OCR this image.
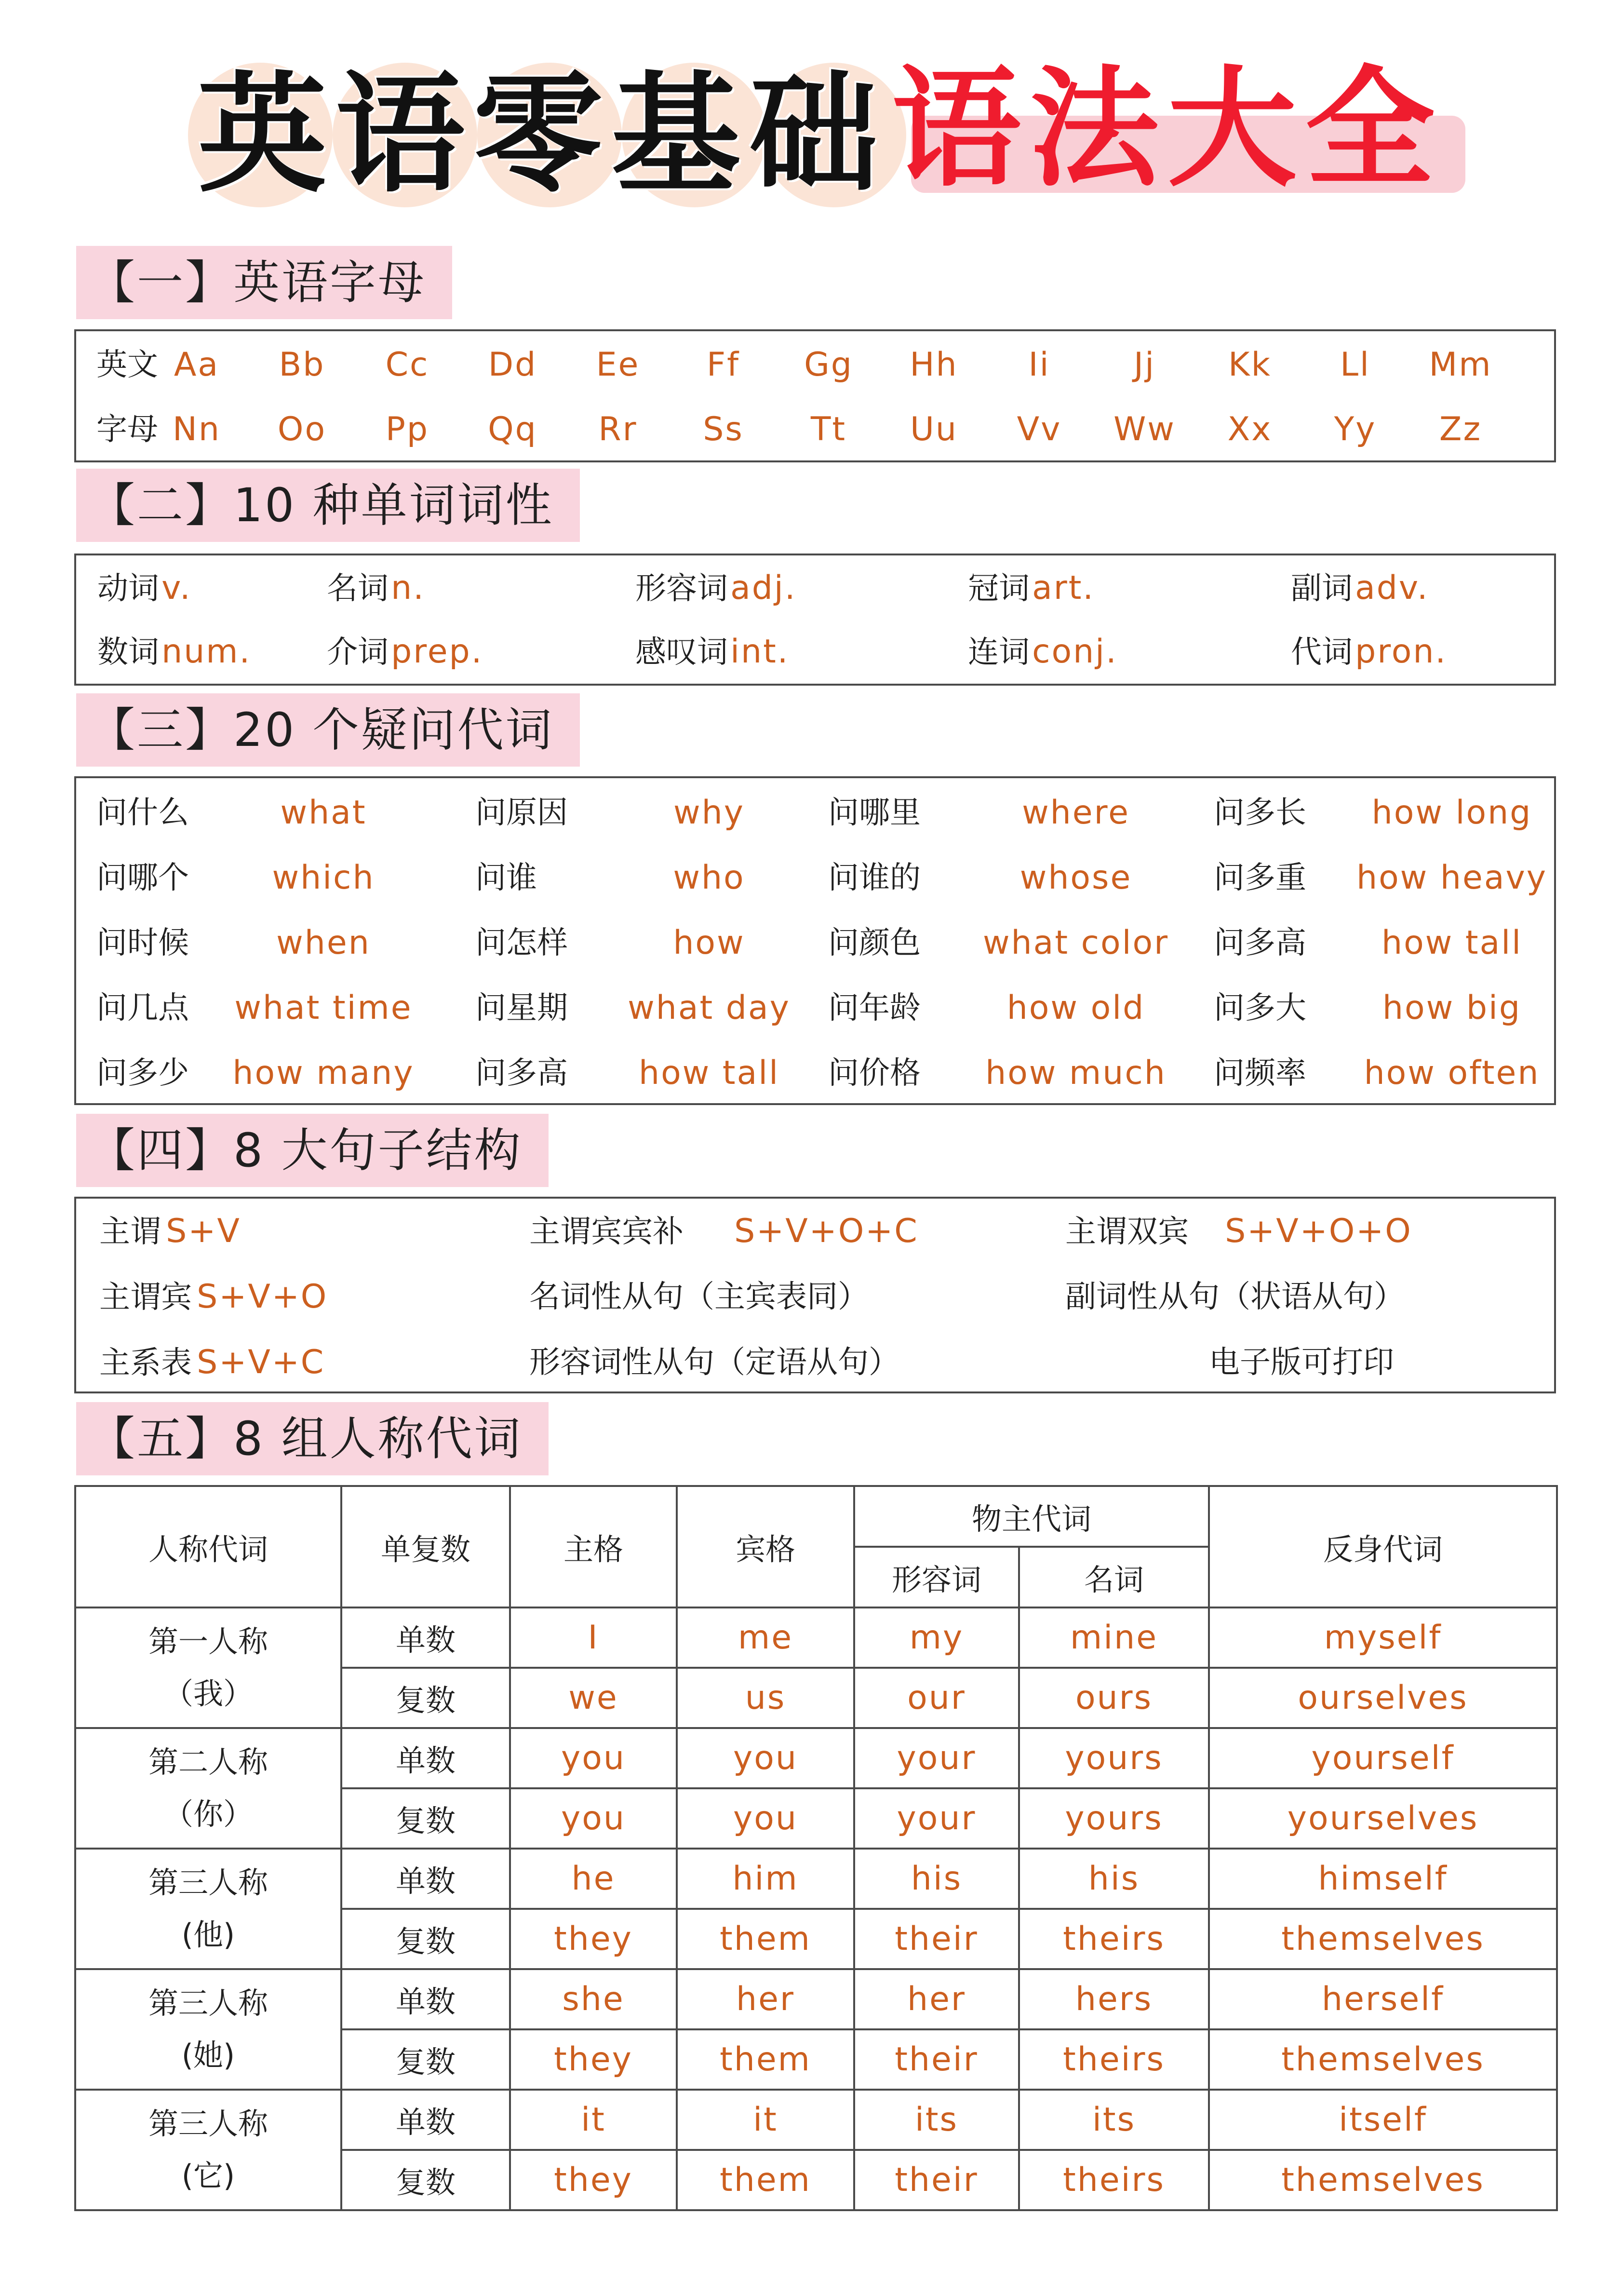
英语零基础 语法大全
【一】英语字母
英文 Aa	Bb	Cc	Dd	Ee	Ff	Gg Hh	Ii	Jj	Kk	Ll	Mm
字母 Nn Oo	Pp	Qq	Rr	Ss	Tt	Uu	Vv	Ww	Xx	Yy	Zz
【二】10 种单词词性
动词 v.	名词 n.	形容词 adj.	冠词 art.	副词 adv.
数词 num. 介词 prep.	感叹词 int.	连词 conj.	代词 pron.
【三】20 个疑问代词
问什么	what	问原因	why	问哪里	where	问多长	how long
问哪个	which	问谁	who	问谁的	whose	问多重	how heavy
问时候	when	问怎样	how	问颜色	what color	问多高	how tall
问几点	what time	问星期	what day	问年龄	how old	问多大	how big
问多少	how many	问多高	how tall	问价格	how much	问频率	how often
【四】8 大句子结构
主谓 S+V	主谓宾宾补 S+V+O+C	主谓双宾 S+V+O+O
主谓宾 S+V+O	名词性从句（主宾表同）	副词性从句（状语从句）
主系表 S+V+C	形容词性从句（定语从句）	电子版可打印
【五】8 组人称代词
人称代词	单复数	主格	宾格	物主代词		反身代词
				形容词	名词	

第一人称
（我）	单数	I	me	my	mine	myself
	复数	we	us	our	ours	ourselves

第二人称
（你）	单数	you	you	your	yours	yourself
	复数	you	you	your	yours	yourselves

第三人称
(他)	单数	he	him	his	his	himself
	复数	they	them	their	theirs	themselves

第三人称
(她)	单数	she	her	her	hers	herself
	复数	they	them	their	theirs	themselves

第三人称
(它)	单数	it	it	its	its	itself
	复数	they	them	their	theirs	themselves
